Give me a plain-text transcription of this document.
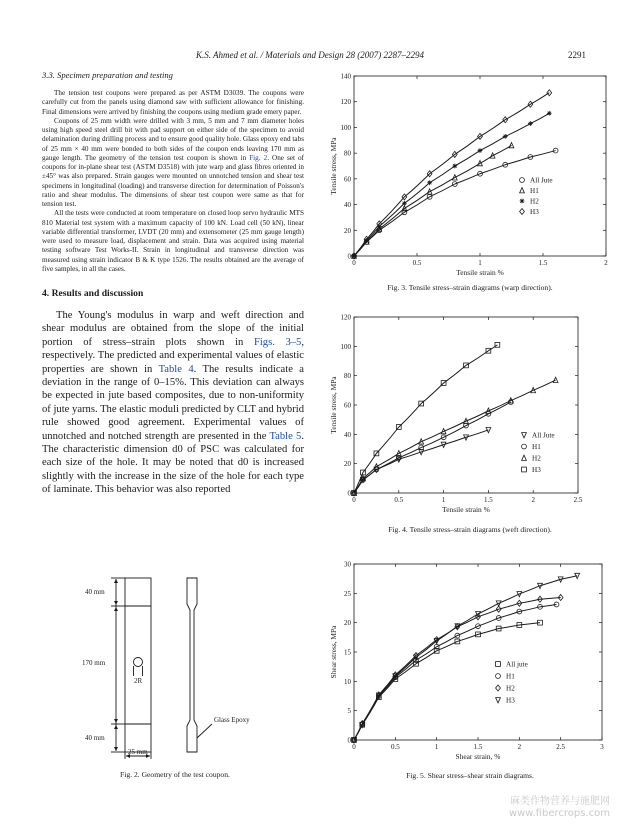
K.S. Ahmed et al. / Materials and Design 28 (2007) 2287–2294	2291
3.3. Specimen preparation and testing

The tension test coupons were prepared as per ASTM D3039. The coupons were carefully cut from the panels using diamond saw with sufficient allowance for finishing. Final dimensions were arrived by finishing the coupons using medium grade emery paper.

Coupons of 25 mm width were drilled with 3 mm, 5 mm and 7 mm diameter holes using high speed steel drill bit with pad support on either side of the specimen to avoid delamination during drilling process and to ensure good quality hole. Glass epoxy end tabs of 25 mm × 40 mm were bonded to both sides of the coupon ends leaving 170 mm as gauge length. The geometry of the tension test coupon is shown in Fig. 2. One set of coupons for in-plane shear test (ASTM D3518) with jute warp and glass fibres oriented in ±45° was also prepared. Strain gauges were mounted on unnotched tension and shear test specimens in longitudinal (loading) and transverse direction for determination of Poisson's ratio and shear modulus. The dimensions of shear test coupon were same as that for tension test.

All the tests were conducted at room temperature on closed loop servo hydraulic MTS 810 Material test system with a maximum capacity of 100 kN. Load cell (50 kN), linear variable differential transformer, LVDT (20 mm) and extensometer (25 mm gauge length) were used to measure load, displacement and strain. Data was acquired using material testing software Test Works-II. Strain in longitudinal and transverse direction was measured using strain indicator B & K type 1526. The results obtained are the average of five samples, in all the cases.

4. Results and discussion

The Young's modulus in warp and weft direction and shear modulus are obtained from the slope of the initial portion of stress–strain plots shown in Figs. 3–5, respectively. The predicted and experimental values of elastic properties are shown in Table 4. The results indicate a deviation in the range of 0–15%. This deviation can always be expected in jute based composites, due to non-uniformity of jute yarns. The elastic moduli predicted by CLT and hybrid rule showed good agreement. Experimental values of unnotched and notched strength are presented in the Table 5. The characteristic dimension d0 of PSC was calculated for each size of the hole. It may be noted that d0 is increased slightly with the increase in the size of the hole for each type of laminate. This behavior was also reported

40 mm
170 mm
40 mm
25 mm
2R
Glass Epoxy
Fig. 2. Geometry of the test coupon.
0	0.5	1	1.5	2
0
20
40
60
80
100
120
140
Tensile strain %
Tensile stress, MPa	All Jute
H1
H2
H3
Fig. 3. Tensile stress–strain diagrams (warp direction).
0	0.5	1	1.5	2	2.5
0
20
40
60
80
100
120
Tensile strain %
Tensile stress, MPa
All Jute
H1
H2
H3
Fig. 4. Tensile stress–strain diagrams (weft direction).
0	0.5	1	1.5	2	2.5	3
0
5
10
15
20
25
30
Shear strain, %
Shear stress, MPa	All jute
H1
H2
H3
Fig. 5. Shear stress–shear strain diagrams.
麻类作物营养与施肥网
www.fibercrops.com
